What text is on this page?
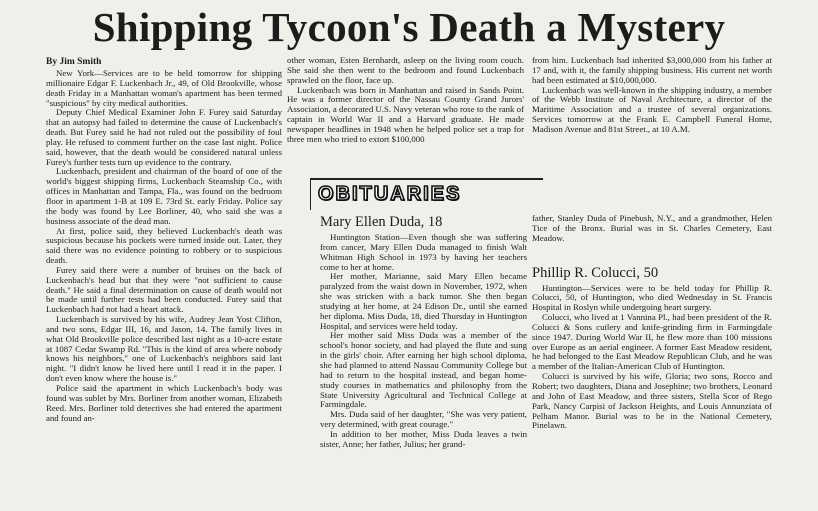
Shipping Tycoon's Death a Mystery
By Jim Smith

New York—Services are to be held tomorrow for shipping millionaire Edgar F. Luckenbach Jr., 49, of Old Brookville, whose death Friday in a Manhattan woman's apartment has been termed "suspicious" by city medical authorities.

Deputy Chief Medical Examiner John F. Furey said Saturday that an autopsy had failed to determine the cause of Luckenbach's death. But Furey said he had not ruled out the possibility of foul play. He refused to comment further on the case last night. Police said, however, that the death would be considered natural unless Furey's further tests turn up evidence to the contrary.

Luckenbach, president and chairman of the board of one of the world's biggest shipping firms, Luckenbach Steamship Co., with offices in Manhattan and Tampa, Fla., was found on the bedroom floor in apartment 1-B at 109 E. 73rd St. early Friday. Police say the body was found by Lee Borliner, 40, who said she was a business associate of the dead man.

At first, police said, they believed Luckenbach's death was suspicious because his pockets were turned inside out. Later, they said there was no evidence pointing to robbery or to suspicious death.

Furey said there were a number of bruises on the back of Luckenbach's head but that they were "not sufficient to cause death." He said a final determination on cause of death would not be made until further tests had been conducted. Furey said that Luckenbach had not had a heart attack.

Luckenbach is survived by his wife, Audrey Jean Yost Clifton, and two sons, Edgar III, 16, and Jason, 14. The family lives in what Old Brookville police described last night as a 10-acre estate at 1087 Cedar Swamp Rd. "This is the kind of area where nobody knows his neighbors," one of Luckenbach's neighbors said last night. "I didn't know he lived here until I read it in the paper. I don't even know where the house is."

Police said the apartment in which Luckenbach's body was found was sublet by Mrs. Borliner from another woman, Elizabeth Reed. Mrs. Borliner told detectives she had entered the apartment and found an-

other woman, Esten Bernhardt, asleep on the living room couch. She said she then went to the bedroom and found Luckenbach sprawled on the floor, face up.

Luckenbach was born in Manhattan and raised in Sands Point. He was a former director of the Nassau County Grand Jurors' Association, a decorated U.S. Navy veteran who rose to the rank of captain in World War II and a Harvard graduate. He made newspaper headlines in 1948 when he helped police set a trap for three men who tried to extort $100,000

from him. Luckenbach had inherited $3,000,000 from his father at 17 and, with it, the family shipping business. His current net worth had been estimated at $10,000,000.

Luckenbach was well-known in the shipping industry, a member of the Webb Institute of Naval Architecture, a director of the Maritime Association and a trustee of several organizations. Services tomorrow at the Frank E. Campbell Funeral Home, Madison Avenue and 81st Street., at 10 A.M.

OBITUARIES
Mary Ellen Duda, 18

Huntington Station—Even though she was suffering from cancer, Mary Ellen Duda managed to finish Walt Whitman High School in 1973 by having her teachers come to her at home.

Her mother, Marianne, said Mary Ellen became paralyzed from the waist down in November, 1972, when she was stricken with a back tumor. She then began studying at her home, at 24 Edison Dr., until she earned her diploma. Miss Duda, 18, died Thursday in Huntington Hospital, and services were held today.

Her mother said Miss Duda was a member of the school's honor society, and had played the flute and sung in the girls' choir. After earning her high school diploma, she had planned to attend Nassau Community College but had to return to the hospital instead, and began home-study courses in mathematics and philosophy from the State University Agricultural and Technical College at Farmingdale.

Mrs. Duda said of her daughter, "She was very patient, very determined, with great courage."

In addition to her mother, Miss Duda leaves a twin sister, Anne; her father, Julius; her grand-

father, Stanley Duda of Pinebush, N.Y., and a grandmother, Helen Tice of the Bronx. Burial was in St. Charles Cemetery, East Meadow.

Phillip R. Colucci, 50

Huntington—Services were to be held today for Phillip R. Colucci, 50, of Huntington, who died Wednesday in St. Francis Hospital in Roslyn while undergoing heart surgery.

Colucci, who lived at 1 Vannina Pl., had been president of the R. Colucci & Sons cutlery and knife-grinding firm in Farmingdale since 1947. During World War II, he flew more than 100 missions over Europe as an aerial engineer. A former East Meadow resident, he had belonged to the East Meadow Republican Club, and he was a member of the Italian-American Club of Huntington.

Colucci is survived by his wife, Gloria; two sons, Rocco and Robert; two daughters, Diana and Josephine; two brothers, Leonard and John of East Meadow, and three sisters, Stella Scor of Rego Park, Nancy Carpisi of Jackson Heights, and Louis Annunziata of Pelham Manor. Burial was to be in the National Cemetery, Pinelawn.
